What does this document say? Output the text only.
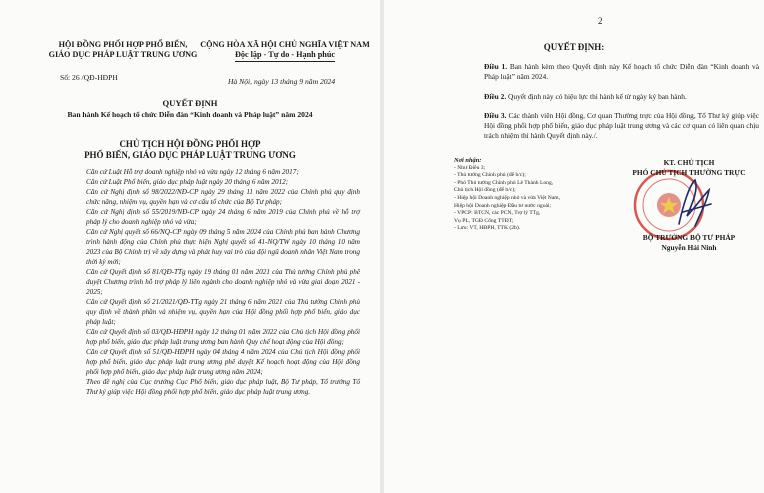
HỘI ĐỒNG PHỐI HỢP PHỔ BIẾN,
GIÁO DỤC PHÁP LUẬT TRUNG ƯƠNG
CỘNG HÒA XÃ HỘI CHỦ NGHĨA VIỆT NAM
Độc lập - Tự do - Hạnh phúc
Số: 26 /QĐ-HĐPH	Hà Nội, ngày 13 tháng 9 năm 2024
QUYẾT ĐỊNH
Ban hành Kế hoạch tổ chức Diễn đàn “Kinh doanh và Pháp luật” năm 2024
CHỦ TỊCH HỘI ĐỒNG PHỐI HỢP
PHỔ BIẾN, GIÁO DỤC PHÁP LUẬT TRUNG ƯƠNG
Căn cứ Luật Hỗ trợ doanh nghiệp nhỏ và vừa ngày 12 tháng 6 năm 2017;
Căn cứ Luật Phổ biến, giáo dục pháp luật ngày 20 tháng 6 năm 2012;
Căn cứ Nghị định số 98/2022/NĐ-CP ngày 29 tháng 11 năm 2022 của Chính phủ quy định chức năng, nhiệm vụ, quyền hạn và cơ cấu tổ chức của Bộ Tư pháp;
Căn cứ Nghị định số 55/2019/NĐ-CP ngày 24 tháng 6 năm 2019 của Chính phủ về hỗ trợ pháp lý cho doanh nghiệp nhỏ và vừa;
Căn cứ Nghị quyết số 66/NQ-CP ngày 09 tháng 5 năm 2024 của Chính phủ ban hành Chương trình hành động của Chính phủ thực hiện Nghị quyết số 41-NQ/TW ngày 10 tháng 10 năm 2023 của Bộ Chính trị về xây dựng và phát huy vai trò của đội ngũ doanh nhân Việt Nam trong thời kỳ mới;
Căn cứ Quyết định số 81/QĐ-TTg ngày 19 tháng 01 năm 2021 của Thủ tướng Chính phủ phê duyệt Chương trình hỗ trợ pháp lý liên ngành cho doanh nghiệp nhỏ và vừa giai đoạn 2021 - 2025;
Căn cứ Quyết định số 21/2021/QĐ-TTg ngày 21 tháng 6 năm 2021 của Thủ tướng Chính phủ quy định về thành phần và nhiệm vụ, quyền hạn của Hội đồng phối hợp phổ biến, giáo dục pháp luật;
Căn cứ Quyết định số 03/QĐ-HĐPH ngày 12 tháng 01 năm 2022 của Chủ tịch Hội đồng phối hợp phổ biến, giáo dục pháp luật trung ương ban hành Quy chế hoạt động của Hội đồng;
Căn cứ Quyết định số 51/QĐ-HĐPH ngày 04 tháng 4 năm 2024 của Chủ tịch Hội đồng phối hợp phổ biến, giáo dục pháp luật trung ương phê duyệt Kế hoạch hoạt động của Hội đồng phối hợp phổ biến, giáo dục pháp luật trung ương năm 2024;
Theo đề nghị của Cục trưởng Cục Phổ biến, giáo dục pháp luật, Bộ Tư pháp, Tổ trưởng Tổ Thư ký giúp việc Hội đồng phối hợp phổ biến, giáo dục pháp luật trung ương.
2
QUYẾT ĐỊNH:
Điều 1. Ban hành kèm theo Quyết định này Kế hoạch tổ chức Diễn đàn “Kinh doanh và Pháp luật” năm 2024.
Điều 2. Quyết định này có hiệu lực thi hành kể từ ngày ký ban hành.
Điều 3. Các thành viên Hội đồng, Cơ quan Thường trực của Hội đồng, Tổ Thư ký giúp việc Hội đồng phối hợp phổ biến, giáo dục pháp luật trung ương và các cơ quan có liên quan chịu trách nhiệm thi hành Quyết định này./.
Nơi nhận:
- Như Điều 3;
- Thủ tướng Chính phủ (để b/c);
- Phó Thủ tướng Chính phủ Lê Thành Long,
Chủ tịch Hội đồng (để b/c);
- Hiệp hội Doanh nghiệp nhỏ và vừa Việt Nam,
Hiệp hội Doanh nghiệp Đầu tư nước ngoài;
- VPCP: BTCN, các PCN, Trợ lý TTg,
Vụ PL, TGĐ Cổng TTĐT;
- Lưu: VT, HĐPH, TTK (2b).
KT. CHỦ TỊCH
PHÓ CHỦ TỊCH THƯỜNG TRỰC
BỘ TRƯỞNG BỘ TƯ PHÁP
Nguyễn Hải Ninh
